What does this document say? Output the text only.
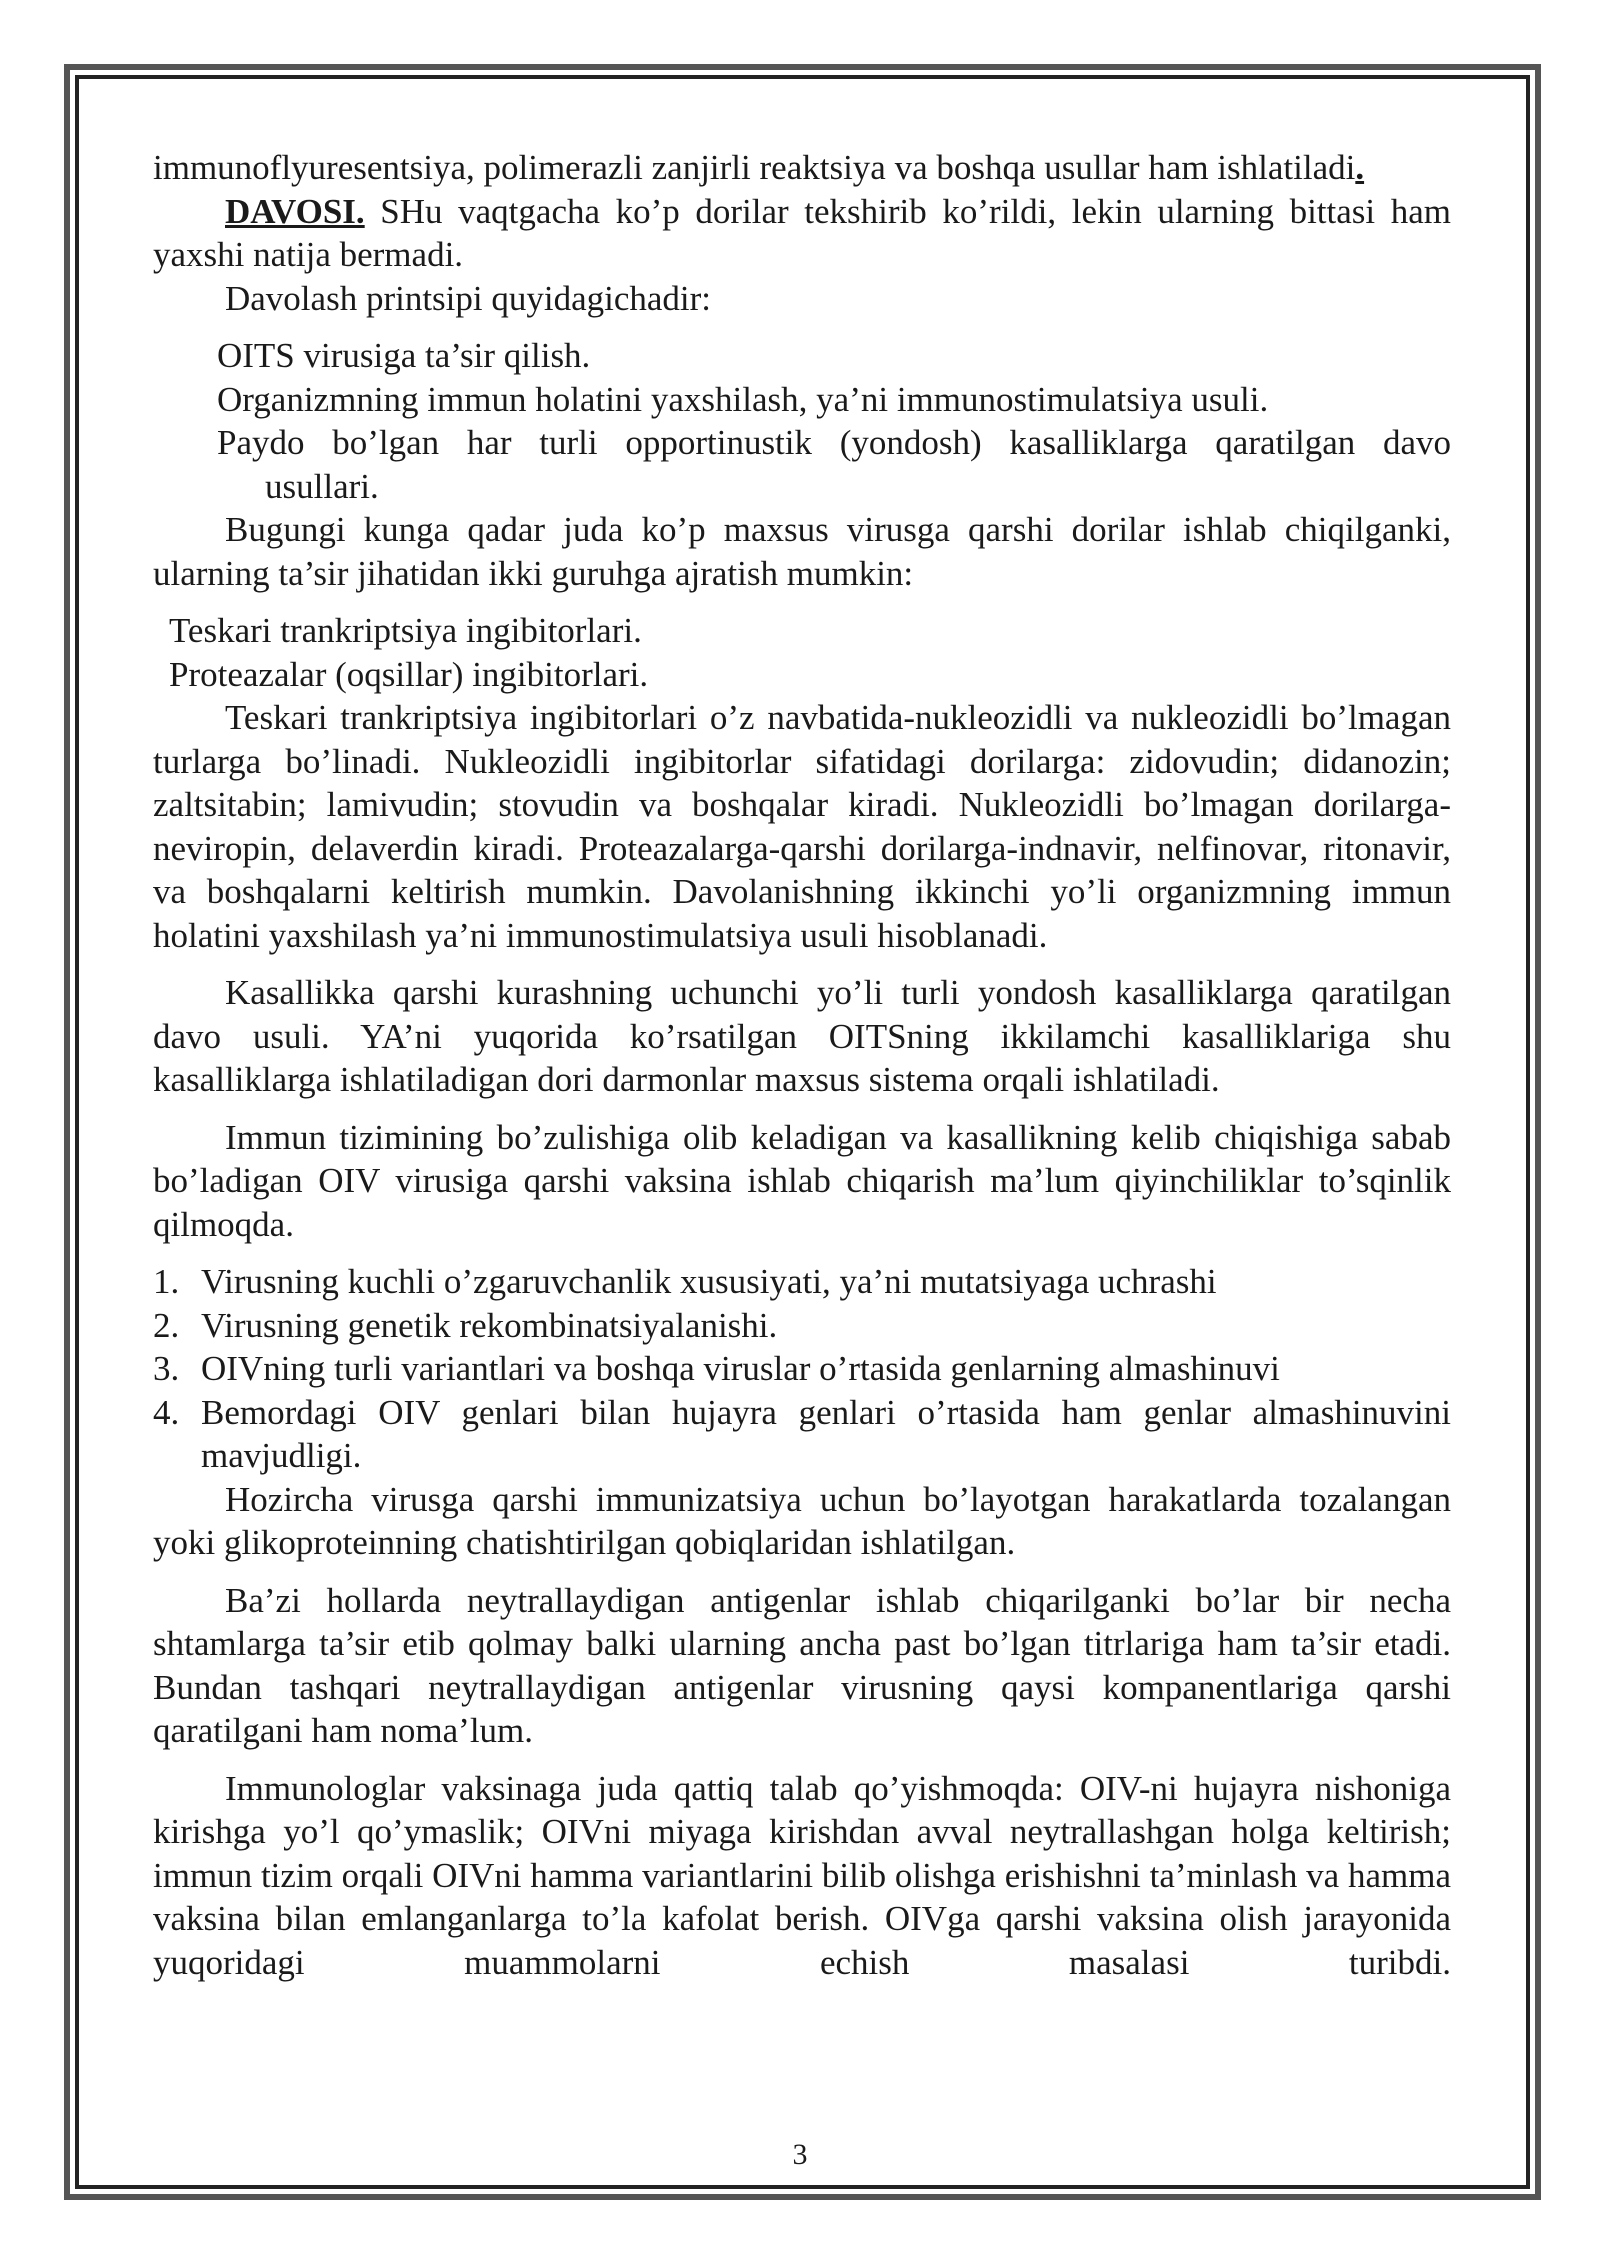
immunoflyuresentsiya, polimerazli zanjirli reaktsiya va boshqa usullar ham ishlatiladi.

DAVOSI. SHu vaqtgacha ko’p dorilar tekshirib ko’rildi, lekin ularning bittasi ham yaxshi natija bermadi.

Davolash printsipi quyidagichadir:

OITS virusiga ta’sir qilish.
Organizmning immun holatini yaxshilash, ya’ni immunostimulatsiya usuli.
Paydo bo’lgan har turli opportinustik (yondosh) kasalliklarga qaratilgan davo
usullari.

Bugungi kunga qadar juda ko’p maxsus virusga qarshi dorilar ishlab chiqilganki, ularning ta’sir jihatidan ikki guruhga ajratish mumkin:

Teskari trankriptsiya ingibitorlari.
Proteazalar (oqsillar) ingibitorlari.

Teskari trankriptsiya ingibitorlari o’z navbatida-nukleozidli va nukleozidli bo’lmagan turlarga bo’linadi. Nukleozidli ingibitorlar sifatidagi dorilarga: zidovudin; didanozin; zaltsitabin; lamivudin; stovudin va boshqalar kiradi. Nukleozidli bo’lmagan dorilarga- neviropin, delaverdin kiradi. Proteazalarga-qarshi dorilarga-indnavir, nelfinovar, ritonavir, va boshqalarni keltirish mumkin. Davolanishning ikkinchi yo’li organizmning immun holatini yaxshilash ya’ni immunostimulatsiya usuli hisoblanadi.

Kasallikka qarshi kurashning uchunchi yo’li turli yondosh kasalliklarga qaratilgan davo usuli. YA’ni yuqorida ko’rsatilgan OITSning ikkilamchi kasalliklariga shu kasalliklarga ishlatiladigan dori darmonlar maxsus sistema orqali ishlatiladi.

Immun tizimining bo’zulishiga olib keladigan va kasallikning kelib chiqishiga sabab bo’ladigan OIV virusiga qarshi vaksina ishlab chiqarish ma’lum qiyinchiliklar to’sqinlik qilmoqda.

1. Virusning kuchli o’zgaruvchanlik xususiyati, ya’ni mutatsiyaga uchrashi
2. Virusning genetik rekombinatsiyalanishi.
3. OIVning turli variantlari va boshqa viruslar o’rtasida genlarning almashinuvi
4. Bemordagi OIV genlari bilan hujayra genlari o’rtasida ham genlar almashinuvini mavjudligi.

Hozircha virusga qarshi immunizatsiya uchun bo’layotgan harakatlarda tozalangan yoki glikoproteinning chatishtirilgan qobiqlaridan ishlatilgan.

Ba’zi hollarda neytrallaydigan antigenlar ishlab chiqarilganki bo’lar bir necha shtamlarga ta’sir etib qolmay balki ularning ancha past bo’lgan titrlariga ham ta’sir etadi. Bundan tashqari neytrallaydigan antigenlar virusning qaysi kompanentlariga qarshi qaratilgani ham noma’lum.

Immunologlar vaksinaga juda qattiq talab qo’yishmoqda: OIV-ni hujayra nishoniga kirishga yo’l qo’ymaslik; OIVni miyaga kirishdan avval neytrallashgan holga keltirish; immun tizim orqali OIVni hamma variantlarini bilib olishga erishishni ta’minlash va hamma vaksina bilan emlanganlarga to’la kafolat berish. OIVga qarshi vaksina olish jarayonida yuqoridagi muammolarni echish masalasi turibdi.

3
